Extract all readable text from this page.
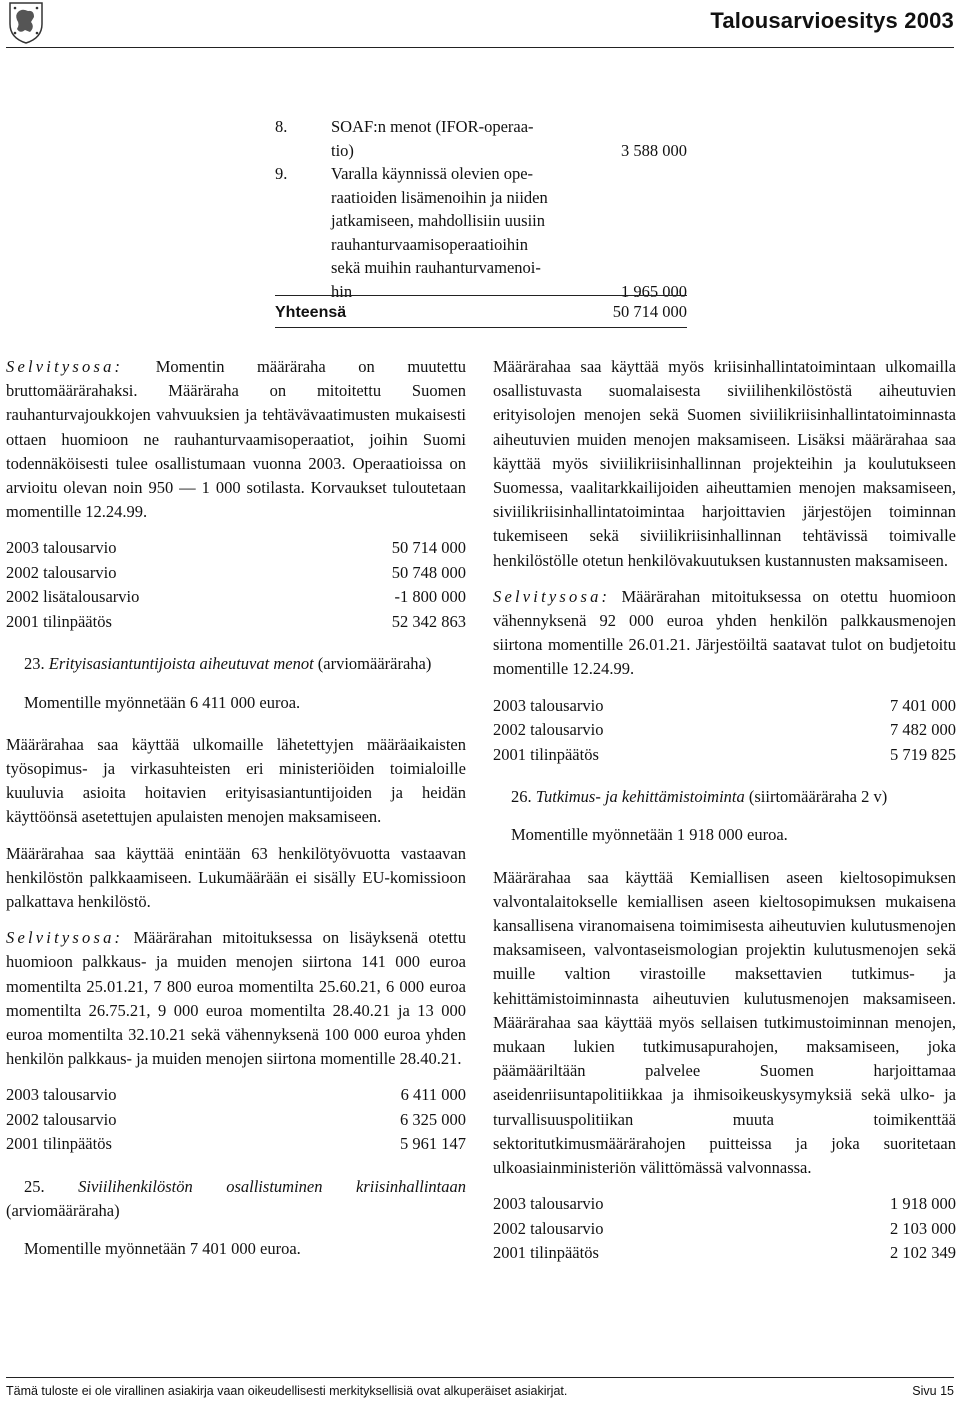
Talousarvioesitys 2003
8.	SOAF:n menot (IFOR-operaa-
tio)	3 588 000
9.	Varalla käynnissä olevien ope-
raatioiden lisämenoihin ja niiden
jatkamiseen, mahdollisiin uusiin
rauhanturvaamisoperaatioihin
sekä muihin rauhanturvamenoi-
hin	1 965 000
Yhteensä	50 714 000
Selvitysosa: Momentin määräraha on muutettu bruttomäärärahaksi. Määräraha on mitoitettu Suomen rauhanturvajoukkojen vahvuuksien ja tehtävävaatimusten mukaisesti ottaen huomioon ne rauhanturvaamisoperaatiot, joihin Suomi todennäköisesti tulee osallistumaan vuonna 2003. Operaatioissa on arvioitu olevan noin 950 — 1 000 sotilasta. Korvaukset tuloutetaan momentille 12.24.99.
2003 talousarvio	50 714 000
2002 talousarvio	50 748 000
2002 lisätalousarvio	-1 800 000
2001 tilinpäätös	52 342 863
23. Erityisasiantuntijoista aiheutuvat menot (arviomääräraha)
Momentille myönnetään 6 411 000 euroa.
Määrärahaa saa käyttää ulkomaille lähetettyjen määräaikaisten työsopimus- ja virkasuhteisten eri ministeriöiden toimialoille kuuluvia asioita hoitavien erityisasiantuntijoiden ja heidän käyttöönsä asetettujen apulaisten menojen maksamiseen.
Määrärahaa saa käyttää enintään 63 henkilötyövuotta vastaavan henkilöstön palkkaamiseen. Lukumäärään ei sisälly EU-komissioon palkattava henkilöstö.
Selvitysosa: Määrärahan mitoituksessa on lisäyksenä otettu huomioon palkkaus- ja muiden menojen siirtona 141 000 euroa momentilta 25.01.21, 7 800 euroa momentilta 25.60.21, 6 000 euroa momentilta 26.75.21, 9 000 euroa momentilta 28.40.21 ja 13 000 euroa momentilta 32.10.21 sekä vähennyksenä 100 000 euroa yhden henkilön palkkaus- ja muiden menojen siirtona momentille 28.40.21.
2003 talousarvio	6 411 000
2002 talousarvio	6 325 000
2001 tilinpäätös	5 961 147
25. Siviilihenkilöstön osallistuminen kriisinhallintaan (arviomääräraha)
Momentille myönnetään 7 401 000 euroa.
Määrärahaa saa käyttää myös kriisinhallintatoimintaan ulkomailla osallistuvasta suomalaisesta siviilihenkilöstöstä aiheutuvien erityisolojen menojen sekä Suomen siviilikriisinhallintatoiminnasta aiheutuvien muiden menojen maksamiseen. Lisäksi määrärahaa saa käyttää myös siviilikriisinhallinnan projekteihin ja koulutukseen Suomessa, vaalitarkkailijoiden aiheuttamien menojen maksamiseen, siviilikriisinhallintatoimintaa harjoittavien järjestöjen toiminnan tukemiseen sekä siviilikriisinhallinnan tehtävissä toimivalle henkilöstölle otetun henkilövakuutuksen kustannusten maksamiseen.
Selvitysosa: Määrärahan mitoituksessa on otettu huomioon vähennyksenä 92 000 euroa yhden henkilön palkkausmenojen siirtona momentille 26.01.21. Järjestöiltä saatavat tulot on budjetoitu momentille 12.24.99.
2003 talousarvio	7 401 000
2002 talousarvio	7 482 000
2001 tilinpäätös	5 719 825
26. Tutkimus- ja kehittämistoiminta (siirtomääräraha 2 v)
Momentille myönnetään 1 918 000 euroa.
Määrärahaa saa käyttää Kemiallisen aseen kieltosopimuksen valvontalaitokselle kemiallisen aseen kieltosopimuksen mukaisena kansallisena viranomaisena toimimisesta aiheutuvien kulutusmenojen maksamiseen, valvontaseismologian projektin kulutusmenojen sekä muille valtion virastoille maksettavien tutkimus- ja kehittämistoiminnasta aiheutuvien kulutusmenojen maksamiseen. Määrärahaa saa käyttää myös sellaisen tutkimustoiminnan menojen, mukaan lukien tutkimusapurahojen, maksamiseen, joka päämääriltään palvelee Suomen harjoittamaa aseidenriisuntapolitiikkaa ja ihmisoikeuskysymyksiä sekä ulko- ja turvallisuuspolitiikan muuta toimikenttää sektoritutkimusmäärärahojen puitteissa ja joka suoritetaan ulkoasiainministeriön välittömässä valvonnassa.
2003 talousarvio	1 918 000
2002 talousarvio	2 103 000
2001 tilinpäätös	2 102 349
Tämä tuloste ei ole virallinen asiakirja vaan oikeudellisesti merkityksellisiä ovat alkuperäiset asiakirjat.	Sivu 15
